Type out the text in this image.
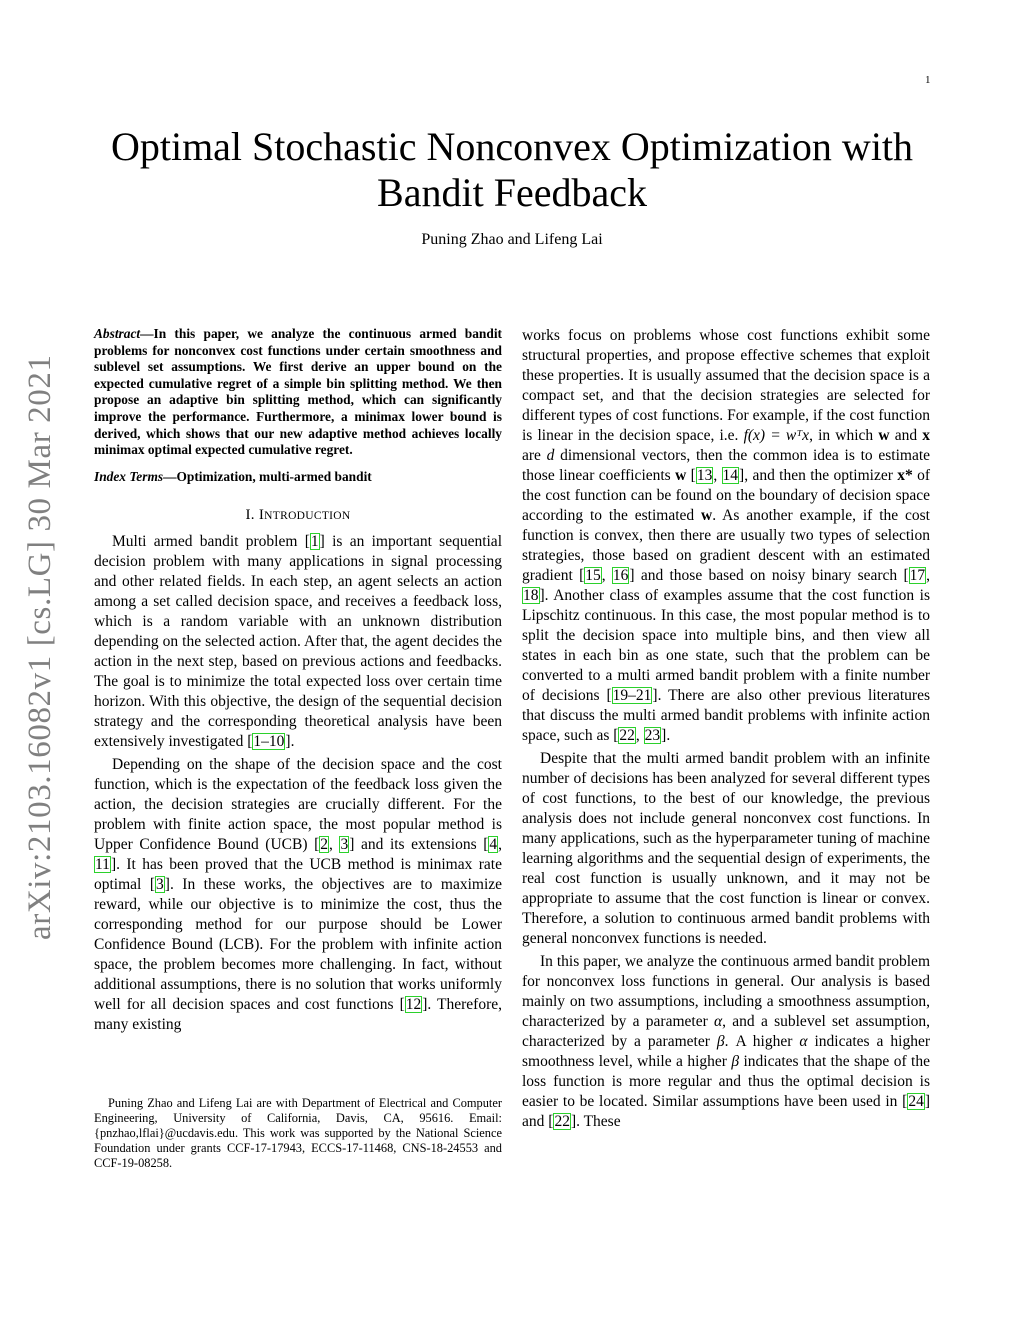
1
arXiv:2103.16082v1 [cs.LG] 30 Mar 2021
Optimal Stochastic Nonconvex Optimization with
Bandit Feedback
Puning Zhao and Lifeng Lai
Abstract—In this paper, we analyze the continuous armed bandit problems for nonconvex cost functions under certain smoothness and sublevel set assumptions. We first derive an upper bound on the expected cumulative regret of a simple bin splitting method. We then propose an adaptive bin splitting method, which can significantly improve the performance. Furthermore, a minimax lower bound is derived, which shows that our new adaptive method achieves locally minimax optimal expected cumulative regret.
Index Terms—Optimization, multi-armed bandit
I. INTRODUCTION

Multi armed bandit problem [1] is an important sequential decision problem with many applications in signal processing and other related fields. In each step, an agent selects an action among a set called decision space, and receives a feedback loss, which is a random variable with an unknown distribution depending on the selected action. After that, the agent decides the action in the next step, based on previous actions and feedbacks. The goal is to minimize the total expected loss over certain time horizon. With this objective, the design of the sequential decision strategy and the corresponding theoretical analysis have been extensively investigated [1–10].

Depending on the shape of the decision space and the cost function, which is the expectation of the feedback loss given the action, the decision strategies are crucially different. For the problem with finite action space, the most popular method is Upper Confidence Bound (UCB) [2, 3] and its extensions [4, 11]. It has been proved that the UCB method is minimax rate optimal [3]. In these works, the objectives are to maximize reward, while our objective is to minimize the cost, thus the corresponding method for our purpose should be Lower Confidence Bound (LCB). For the problem with infinite action space, the problem becomes more challenging. In fact, without additional assumptions, there is no solution that works uniformly well for all decision spaces and cost functions [12]. Therefore, many existing

Puning Zhao and Lifeng Lai are with Department of Electrical and Computer Engineering, University of California, Davis, CA, 95616. Email: {pnzhao,lflai}@ucdavis.edu. This work was supported by the National Science Foundation under grants CCF-17-17943, ECCS-17-11468, CNS-18-24553 and CCF-19-08258.

works focus on problems whose cost functions exhibit some structural properties, and propose effective schemes that exploit these properties. It is usually assumed that the decision space is a compact set, and that the decision strategies are selected for different types of cost functions. For example, if the cost function is linear in the decision space, i.e. f(x) = wᵀx, in which w and x are d dimensional vectors, then the common idea is to estimate those linear coefficients w [13, 14], and then the optimizer x* of the cost function can be found on the boundary of decision space according to the estimated w. As another example, if the cost function is convex, then there are usually two types of selection strategies, those based on gradient descent with an estimated gradient [15, 16] and those based on noisy binary search [17, 18]. Another class of examples assume that the cost function is Lipschitz continuous. In this case, the most popular method is to split the decision space into multiple bins, and then view all states in each bin as one state, such that the problem can be converted to a multi armed bandit problem with a finite number of decisions [19–21]. There are also other previous literatures that discuss the multi armed bandit problems with infinite action space, such as [22, 23].

Despite that the multi armed bandit problem with an infinite number of decisions has been analyzed for several different types of cost functions, to the best of our knowledge, the previous analysis does not include general nonconvex cost functions. In many applications, such as the hyperparameter tuning of machine learning algorithms and the sequential design of experiments, the real cost function is usually unknown, and it may not be appropriate to assume that the cost function is linear or convex. Therefore, a solution to continuous armed bandit problems with general nonconvex functions is needed.

In this paper, we analyze the continuous armed bandit problem for nonconvex loss functions in general. Our analysis is based mainly on two assumptions, including a smoothness assumption, characterized by a parameter α, and a sublevel set assumption, characterized by a parameter β. A higher α indicates a higher smoothness level, while a higher β indicates that the shape of the loss function is more regular and thus the optimal decision is easier to be located. Similar assumptions have been used in [24] and [22]. These
